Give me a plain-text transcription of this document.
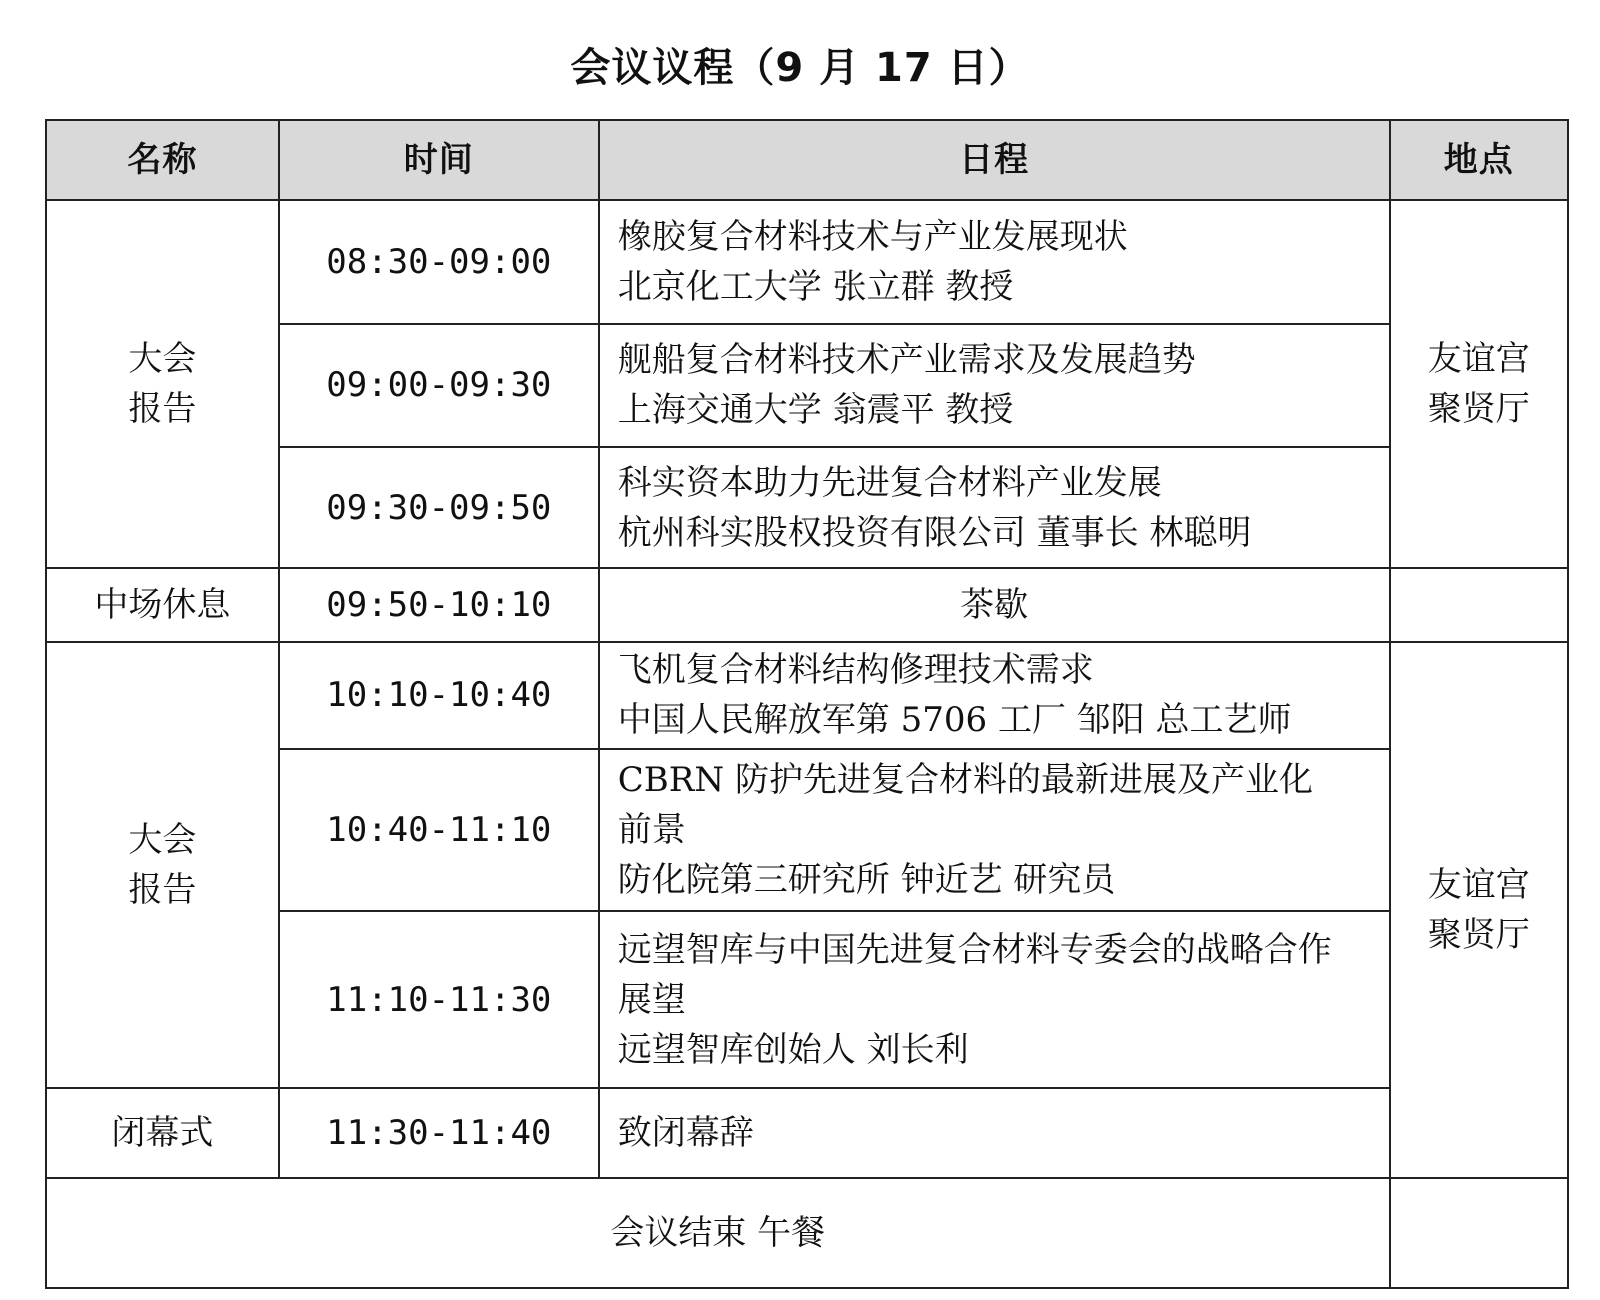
会议议程（9 月 17 日）
名称	时间	日程	地点

大会
报告	08:30-09:00	橡胶复合材料技术与产业发展现状
北京化工大学 张立群 教授	友谊宫
聚贤厅

	09:00-09:30	舰船复合材料技术产业需求及发展趋势
上海交通大学 翁震平 教授	

	09:30-09:50	科实资本助力先进复合材料产业发展
杭州科实股权投资有限公司 董事长 林聪明	

中场休息	09:50-10:10	茶歇	

大会
报告	10:10-10:40	飞机复合材料结构修理技术需求
中国人民解放军第 5706 工厂 邹阳 总工艺师	友谊宫
聚贤厅

	10:40-11:10	CBRN 防护先进复合材料的最新进展及产业化前景
防化院第三研究所 钟近艺 研究员	

	11:10-11:30	远望智库与中国先进复合材料专委会的战略合作展望
远望智库创始人 刘长利	

闭幕式	11:30-11:40	致闭幕辞	
会议结束 午餐			
